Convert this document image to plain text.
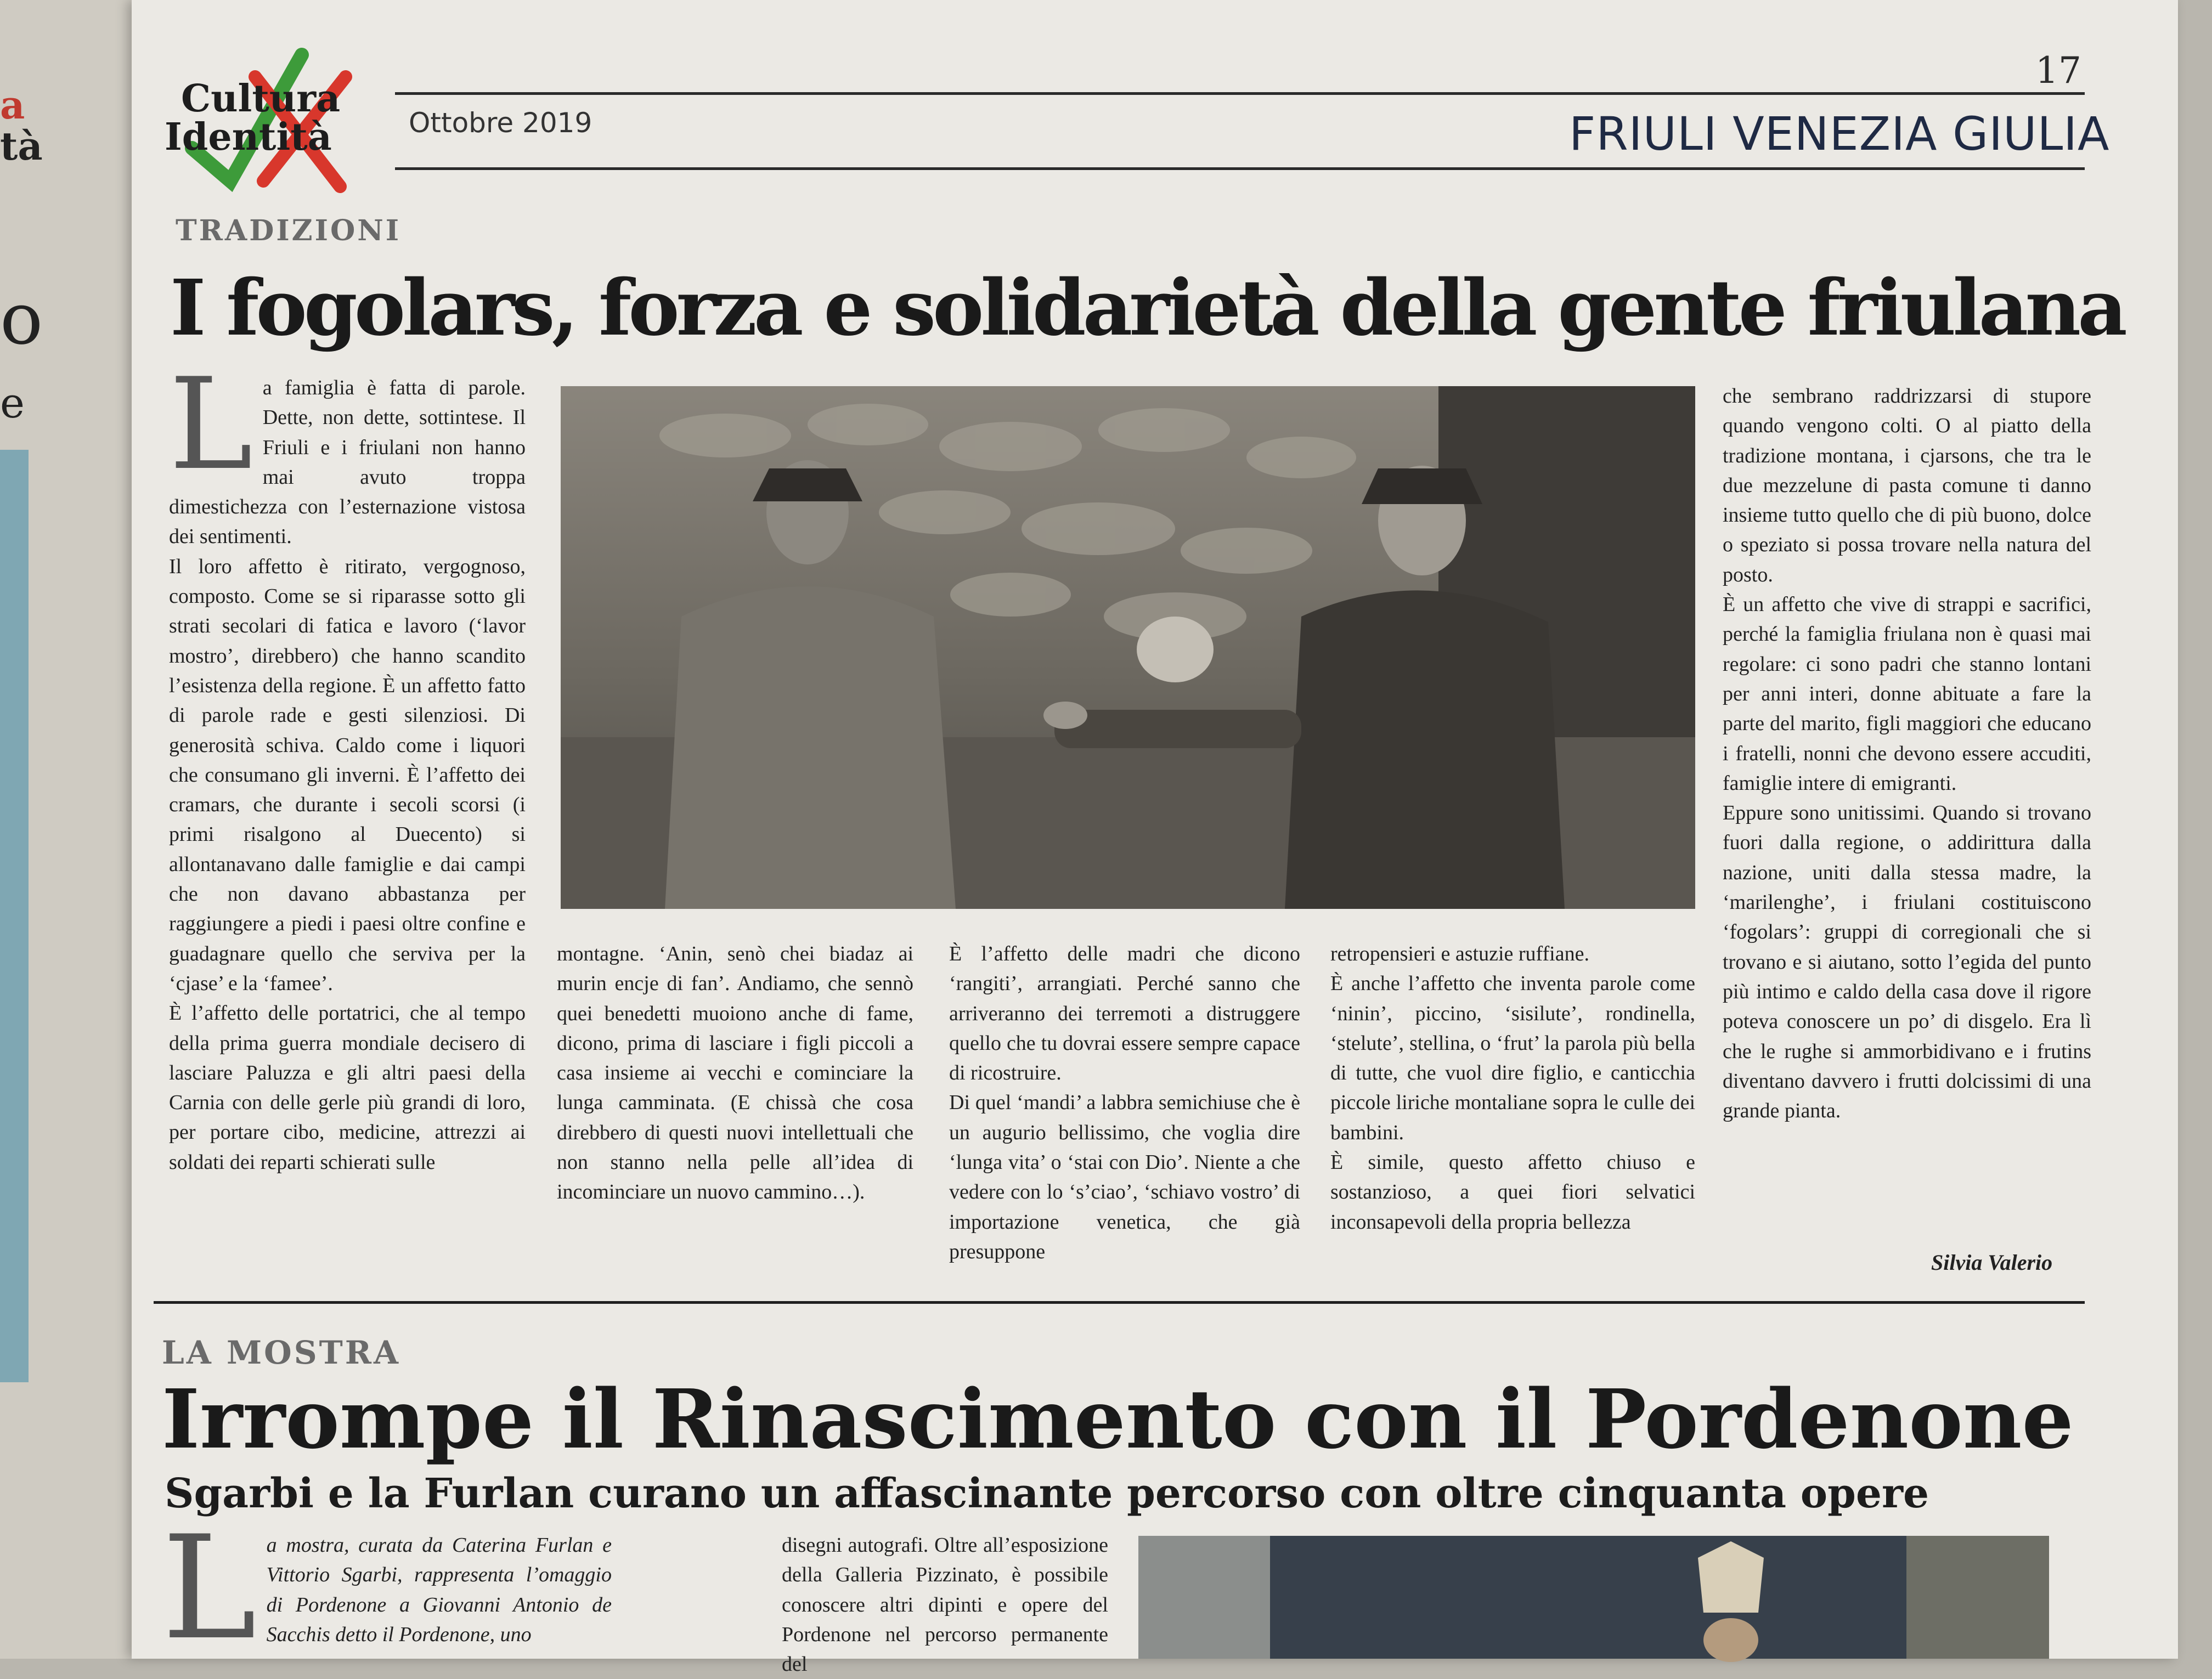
a
tà
o
e
Cultura
Identità	Ottobre 2019
17
FRIULI VENEZIA GIULIA
TRADIZIONI
I fogolars, forza e solidarietà della gente friulana
L a famiglia è fatta di parole. Dette, non dette, sottintese. Il Friuli e i friulani non hanno mai avuto troppa dimestichezza con l’esternazione vistosa dei sentimenti.

Il loro affetto è ritirato, vergognoso, composto. Come se si riparasse sotto gli strati secolari di fatica e lavoro (‘lavor mostro’, direbbero) che hanno scandito l’esistenza della regione. È un affetto fatto di parole rade e gesti silenziosi. Di generosità schiva. Caldo come i liquori che consumano gli inverni. È l’affetto dei cramars, che durante i secoli scorsi (i primi risalgono al Duecento) si allontanavano dalle famiglie e dai campi che non davano abbastanza per raggiungere a piedi i paesi oltre confine e guadagnare quello che serviva per la ‘cjase’ e la ‘famee’.

È l’affetto delle portatrici, che al tempo della prima guerra mondiale decisero di lasciare Paluzza e gli altri paesi della Carnia con delle gerle più grandi di loro, per portare cibo, medicine, attrezzi ai soldati dei reparti schierati sulle

montagne. ‘Anin, senò chei biadaz ai murin encje di fan’. Andiamo, che sennò quei benedetti muoiono anche di fame, dicono, prima di lasciare i figli piccoli a casa insieme ai vecchi e cominciare la lunga camminata. (E chissà che cosa direbbero di questi nuovi intellettuali che non stanno nella pelle all’idea di incominciare un nuovo cammino…).

È l’affetto delle madri che dicono ‘rangiti’, arrangiati. Perché sanno che arriveranno dei terremoti a distruggere quello che tu dovrai essere sempre capace di ricostruire.

Di quel ‘mandi’ a labbra semichiuse che è un augurio bellissimo, che voglia dire ‘lunga vita’ o ‘stai con Dio’. Niente a che vedere con lo ‘s’ciao’, ‘schiavo vostro’ di importazione venetica, che già presuppone

retropensieri e astuzie ruffiane.

È anche l’affetto che inventa parole come ‘ninin’, piccino, ‘sisilute’, rondinella, ‘stelute’, stellina, o ‘frut’ la parola più bella di tutte, che vuol dire figlio, e canticchia piccole liriche montaliane sopra le culle dei bambini.

È simile, questo affetto chiuso e sostanzioso, a quei fiori selvatici inconsapevoli della propria bellezza

che sembrano raddrizzarsi di stupore quando vengono colti. O al piatto della tradizione montana, i cjarsons, che tra le due mezzelune di pasta comune ti danno insieme tutto quello che di più buono, dolce o speziato si possa trovare nella natura del posto.

È un affetto che vive di strappi e sacrifici, perché la famiglia friulana non è quasi mai regolare: ci sono padri che stanno lontani per anni interi, donne abituate a fare la parte del marito, figli maggiori che educano i fratelli, nonni che devono essere accuditi, famiglie intere di emigranti.

Eppure sono unitissimi. Quando si trovano fuori dalla regione, o addirittura dalla nazione, uniti dalla stessa madre, la ‘marilenghe’, i friulani costituiscono ‘fogolars’: gruppi di corregionali che si trovano e si aiutano, sotto l’egida del punto più intimo e caldo della casa dove il rigore poteva conoscere un po’ di disgelo. Era lì che le rughe si ammorbidivano e i frutins diventano davvero i frutti dolcissimi di una grande pianta.

Silvia Valerio
LA MOSTRA
Irrompe il Rinascimento con il Pordenone
Sgarbi e la Furlan curano un affascinante percorso con oltre cinquanta opere
L a mostra, curata da Caterina Furlan e Vittorio Sgarbi, rappresenta l’omaggio di Pordenone a Giovanni Antonio de Sacchis detto il Pordenone, uno

disegni autografi. Oltre all’esposizione della Galleria Pizzinato, è possibile conoscere altri dipinti e opere del Pordenone nel percorso permanente del
